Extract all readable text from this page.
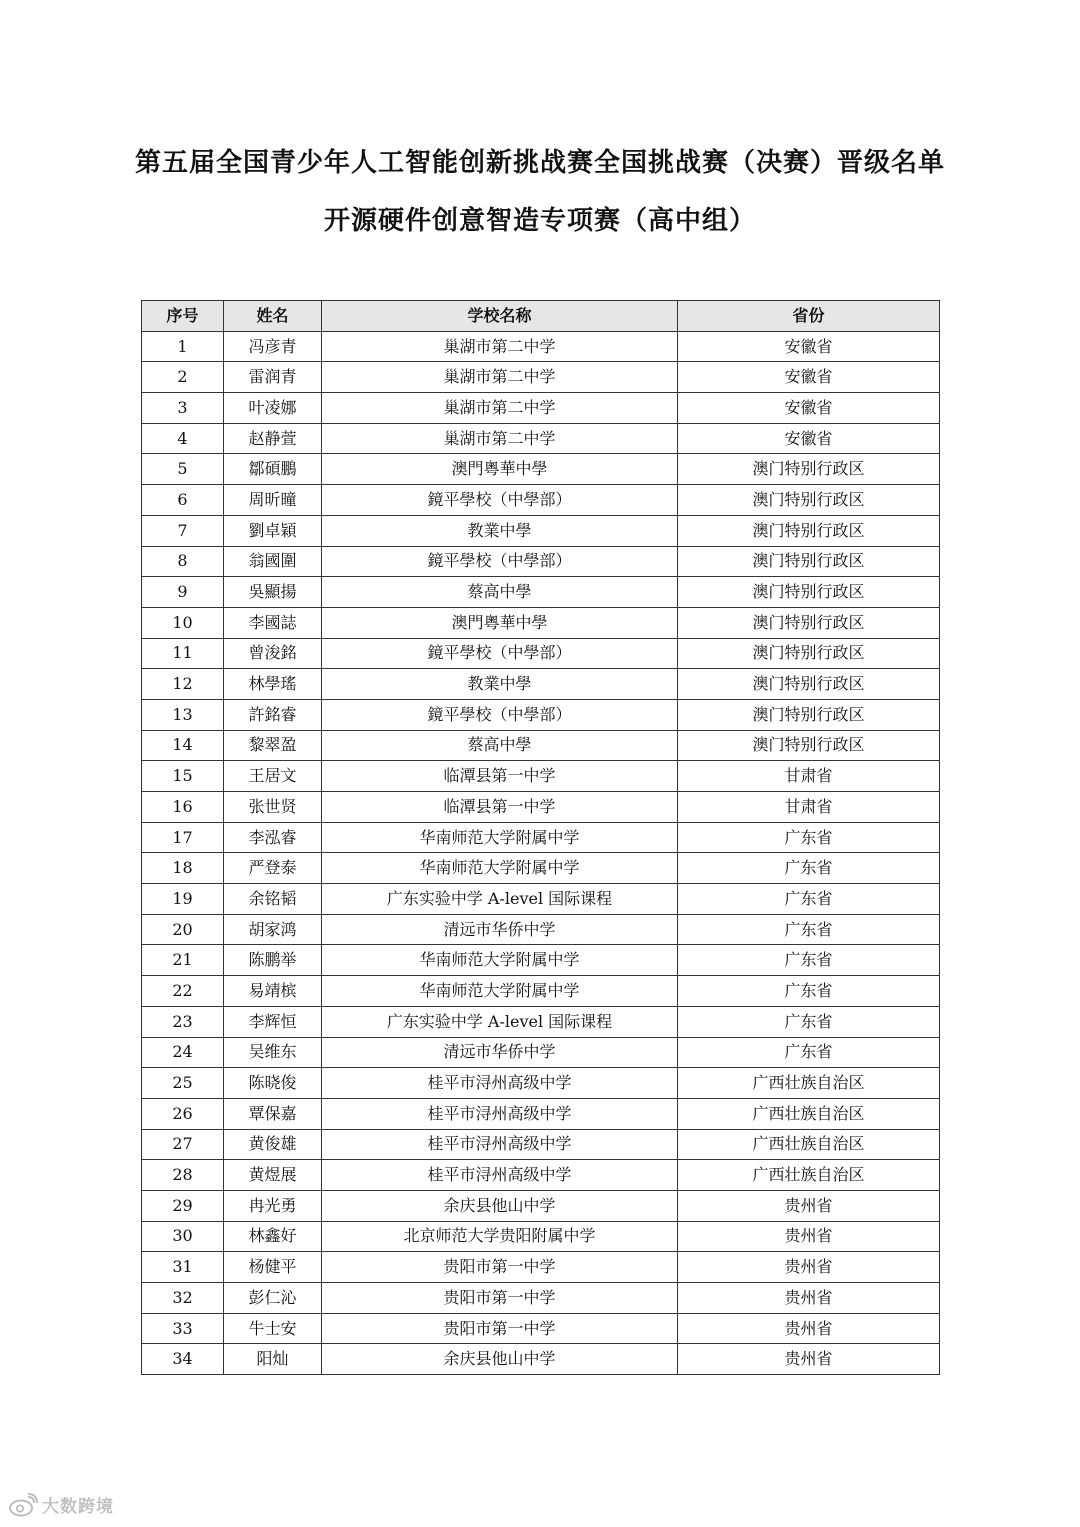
第五届全国青少年人工智能创新挑战赛全国挑战赛（决赛）晋级名单
开源硬件创意智造专项赛（高中组）
序号	姓名	学校名称	省份
1	冯彦青	巢湖市第二中学	安徽省
2	雷润青	巢湖市第二中学	安徽省
3	叶凌娜	巢湖市第二中学	安徽省
4	赵静萱	巢湖市第二中学	安徽省
5	鄒碩鵬	澳門粵華中學	澳门特别行政区
6	周昕曈	鏡平學校（中學部）	澳门特别行政区
7	劉卓穎	教業中學	澳门特别行政区
8	翁國圍	鏡平學校（中學部）	澳门特别行政区
9	吳顯揚	蔡高中學	澳门特别行政区
10	李國誌	澳門粵華中學	澳门特别行政区
11	曾浚銘	鏡平學校（中學部）	澳门特别行政区
12	林學瑤	教業中學	澳门特别行政区
13	許銘睿	鏡平學校（中學部）	澳门特别行政区
14	黎翠盈	蔡高中學	澳门特别行政区
15	王居文	临潭县第一中学	甘肃省
16	张世贤	临潭县第一中学	甘肃省
17	李泓睿	华南师范大学附属中学	广东省
18	严登泰	华南师范大学附属中学	广东省
19	余铭韬	广东实验中学 A-level 国际课程	广东省
20	胡家鸿	清远市华侨中学	广东省
21	陈鹏举	华南师范大学附属中学	广东省
22	易靖槟	华南师范大学附属中学	广东省
23	李辉恒	广东实验中学 A-level 国际课程	广东省
24	吴维东	清远市华侨中学	广东省
25	陈晓俊	桂平市浔州高级中学	广西壮族自治区
26	覃保嘉	桂平市浔州高级中学	广西壮族自治区
27	黄俊雄	桂平市浔州高级中学	广西壮族自治区
28	黄煜展	桂平市浔州高级中学	广西壮族自治区
29	冉光勇	余庆县他山中学	贵州省
30	林鑫好	北京师范大学贵阳附属中学	贵州省
31	杨健平	贵阳市第一中学	贵州省
32	彭仁沁	贵阳市第一中学	贵州省
33	牛士安	贵阳市第一中学	贵州省
34	阳灿	余庆县他山中学	贵州省
大数跨境
